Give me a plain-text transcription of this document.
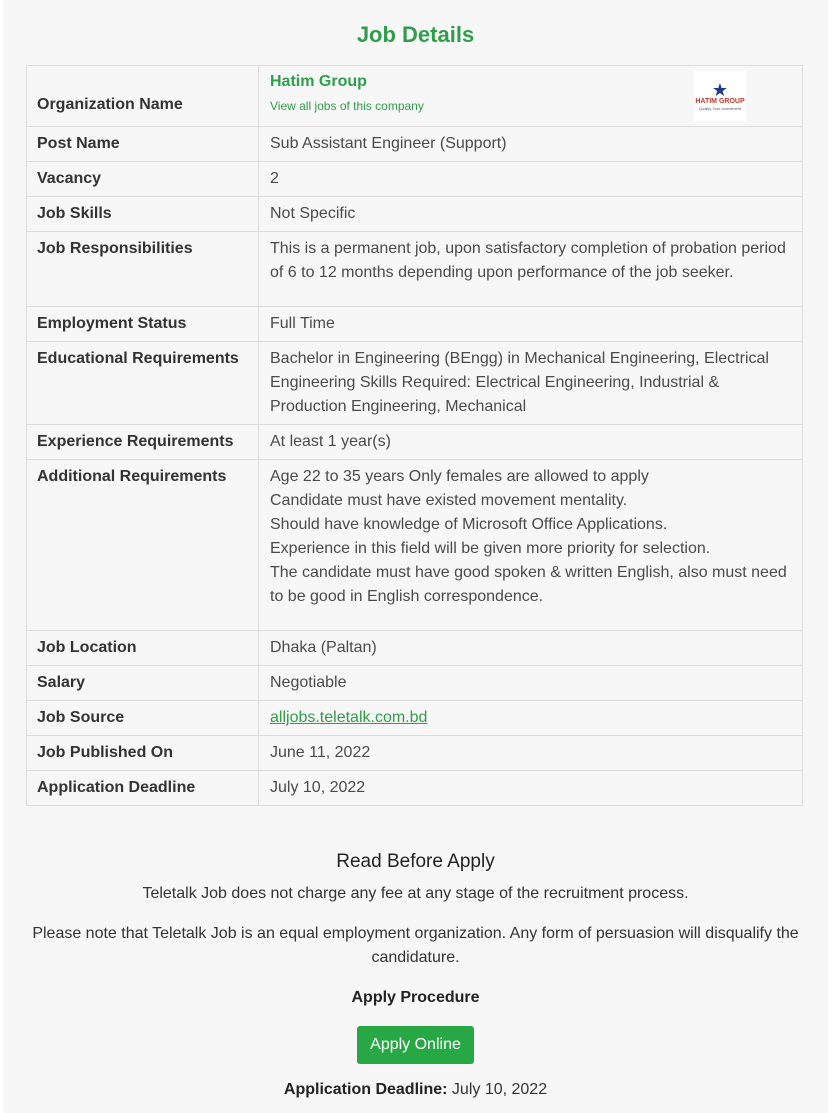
Job Details
Organization Name	Hatim Group
View all jobs of this company
★
HATIM GROUP
Quality Your Investment

Post Name	Sub Assistant Engineer (Support)
Vacancy	2
Job Skills	Not Specific
Job Responsibilities	This is a permanent job, upon satisfactory completion of probation period of 6 to 12 months depending upon performance of the job seeker.
Employment Status	Full Time
Educational Requirements	Bachelor in Engineering (BEngg) in Mechanical Engineering, Electrical Engineering Skills Required: Electrical Engineering, Industrial & Production Engineering, Mechanical
Experience Requirements	At least 1 year(s)
Additional Requirements	Age 22 to 35 years Only females are allowed to apply
Candidate must have existed movement mentality.
Should have knowledge of Microsoft Office Applications.
Experience in this field will be given more priority for selection.
The candidate must have good spoken & written English, also must need to be good in English correspondence.

Job Location	Dhaka (Paltan)
Salary	Negotiable
Job Source	alljobs.teletalk.com.bd
Job Published On	June 11, 2022
Application Deadline	July 10, 2022
Read Before Apply

Teletalk Job does not charge any fee at any stage of the recruitment process.

Please note that Teletalk Job is an equal employment organization. Any form of persuasion will disqualify the candidature.

Apply Procedure
Apply Online
Application Deadline: July 10, 2022
